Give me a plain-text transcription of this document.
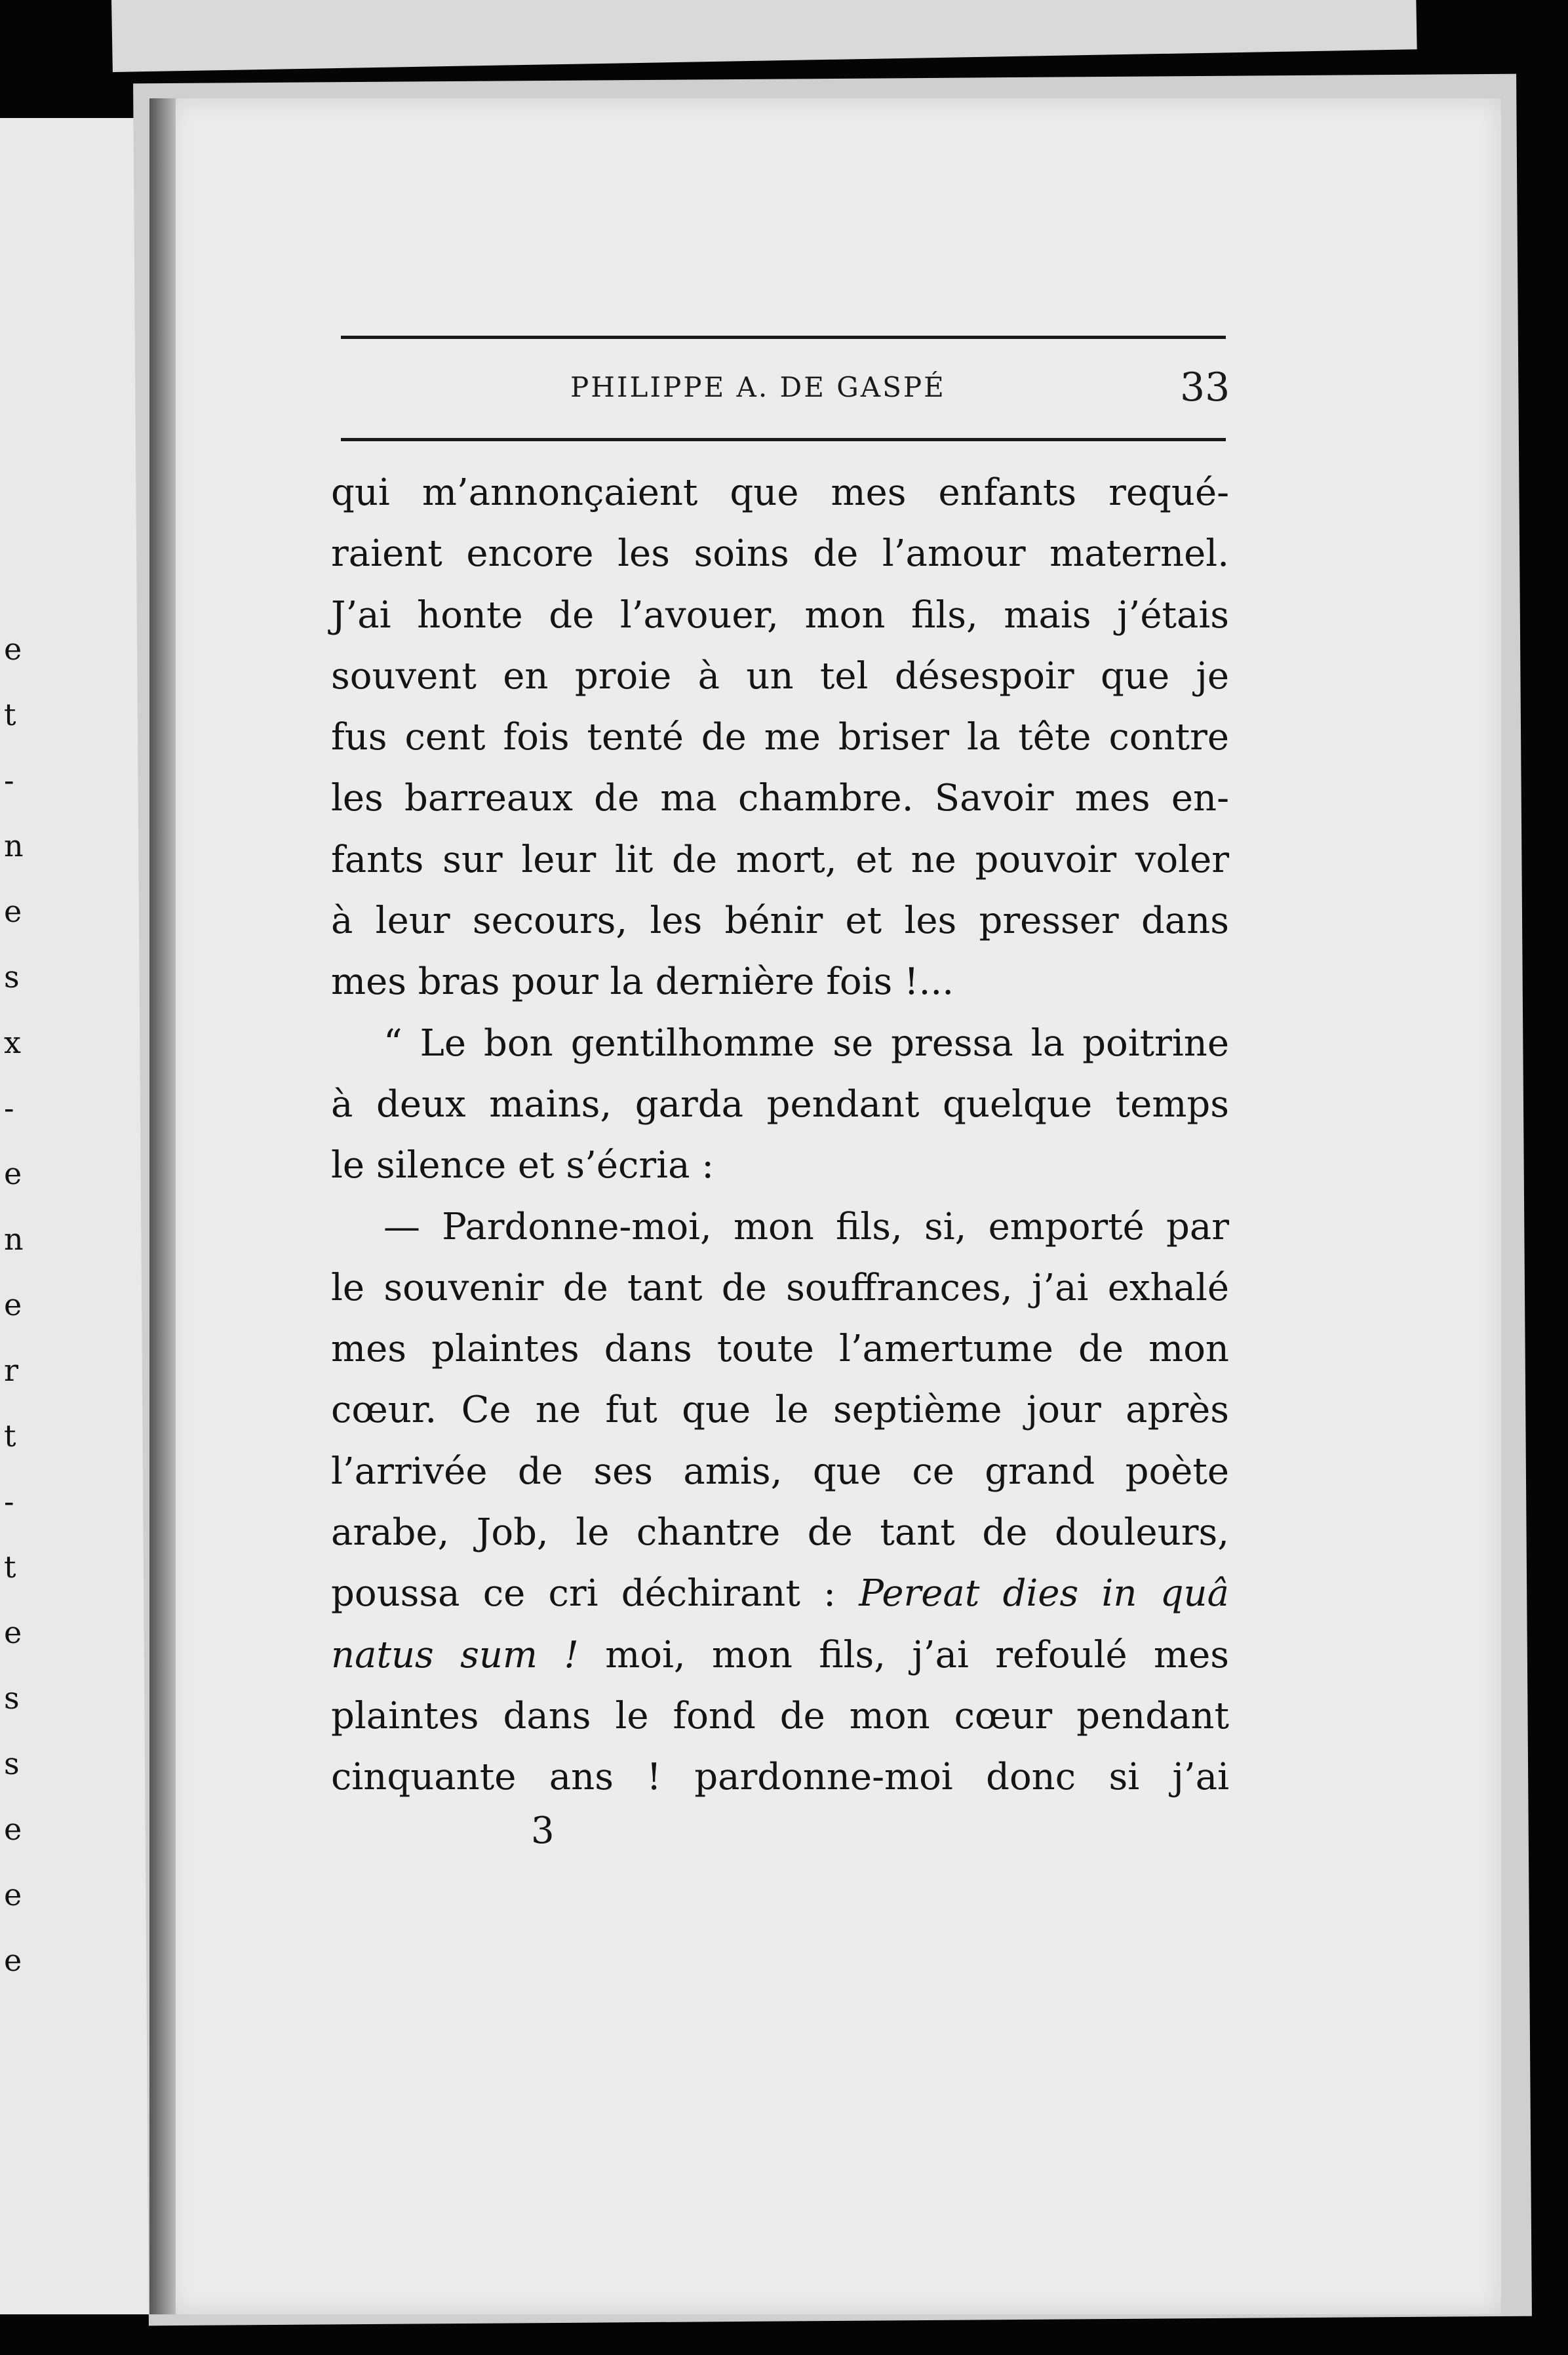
e
t
-
n
e
s
x
-
e
n
e
r
t
-
t
e
s
s
e
e
e
PHILIPPE A. DE GASPÉ	33
qui m’annonçaient que mes enfants requé-
raient encore les soins de l’amour maternel.
J’ai honte de l’avouer, mon fils, mais j’étais
souvent en proie à un tel désespoir que je
fus cent fois tenté de me briser la tête contre
les barreaux de ma chambre. Savoir mes en-
fants sur leur lit de mort, et ne pouvoir voler
à leur secours, les bénir et les presser dans
mes bras pour la dernière fois !...
“ Le bon gentilhomme se pressa la poitrine
à deux mains, garda pendant quelque temps
le silence et s’écria :
— Pardonne-moi, mon fils, si, emporté par
le souvenir de tant de souffrances, j’ai exhalé
mes plaintes dans toute l’amertume de mon
cœur. Ce ne fut que le septième jour après
l’arrivée de ses amis, que ce grand poète
arabe, Job, le chantre de tant de douleurs,
poussa ce cri déchirant : Pereat dies in quâ
natus sum ! moi, mon fils, j’ai refoulé mes
plaintes dans le fond de mon cœur pendant
cinquante ans ! pardonne-moi donc si j’ai
3
